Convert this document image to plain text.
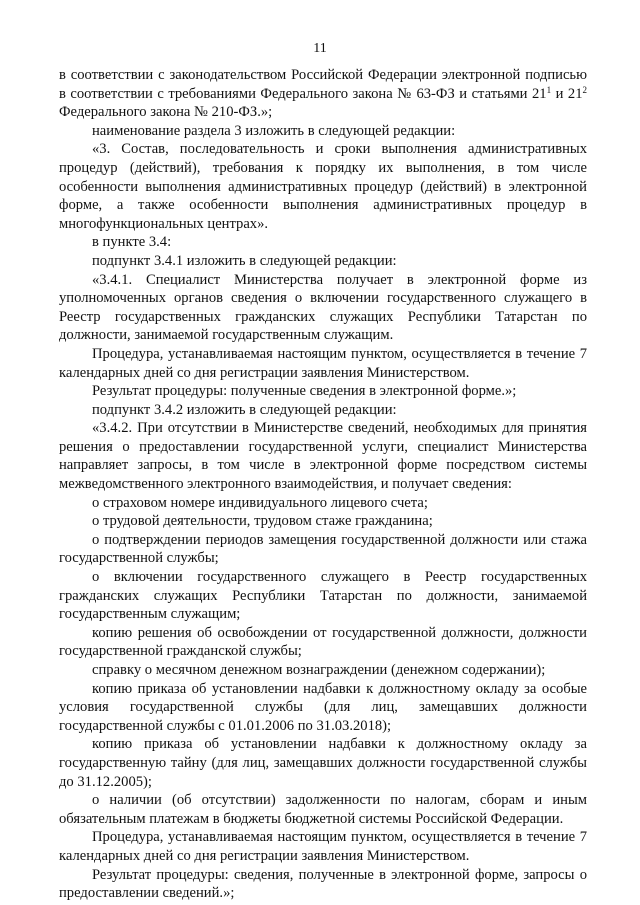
11

в соответствии с законодательством Российской Федерации электронной подписью в соответствии с требованиями Федерального закона № 63-ФЗ и статьями $21^1$ и $21^2$ Федерального закона № 210-ФЗ.»;

наименование раздела 3 изложить в следующей редакции:

«3. Состав, последовательность и сроки выполнения административных процедур (действий), требования к порядку их выполнения, в том числе особенности выполнения административных процедур (действий) в электронной форме, а также особенности выполнения административных процедур в многофункциональных центрах».

в пункте 3.4:

подпункт 3.4.1 изложить в следующей редакции:

«3.4.1. Специалист Министерства получает в электронной форме из уполномоченных органов сведения о включении государственного служащего в Реестр государственных гражданских служащих Республики Татарстан по должности, занимаемой государственным служащим.

Процедура, устанавливаемая настоящим пунктом, осуществляется в течение 7 календарных дней со дня регистрации заявления Министерством.

Результат процедуры: полученные сведения в электронной форме.»;

подпункт 3.4.2 изложить в следующей редакции:

«3.4.2. При отсутствии в Министерстве сведений, необходимых для принятия решения о предоставлении государственной услуги, специалист Министерства направляет запросы, в том числе в электронной форме посредством системы межведомственного электронного взаимодействия, и получает сведения:

о страховом номере индивидуального лицевого счета;

о трудовой деятельности, трудовом стаже гражданина;

о подтверждении периодов замещения государственной должности или стажа государственной службы;

о включении государственного служащего в Реестр государственных гражданских служащих Республики Татарстан по должности, занимаемой государственным служащим;

копию решения об освобождении от государственной должности, должности государственной гражданской службы;

справку о месячном денежном вознаграждении (денежном содержании);

копию приказа об установлении надбавки к должностному окладу за особые условия государственной службы (для лиц, замещавших должности государственной службы с 01.01.2006 по 31.03.2018);

копию приказа об установлении надбавки к должностному окладу за государственную тайну (для лиц, замещавших должности государственной службы до 31.12.2005);

о наличии (об отсутствии) задолженности по налогам, сборам и иным обязательным платежам в бюджеты бюджетной системы Российской Федерации.

Процедура, устанавливаемая настоящим пунктом, осуществляется в течение 7 календарных дней со дня регистрации заявления Министерством.

Результат процедуры: сведения, полученные в электронной форме, запросы о предоставлении сведений.»;
